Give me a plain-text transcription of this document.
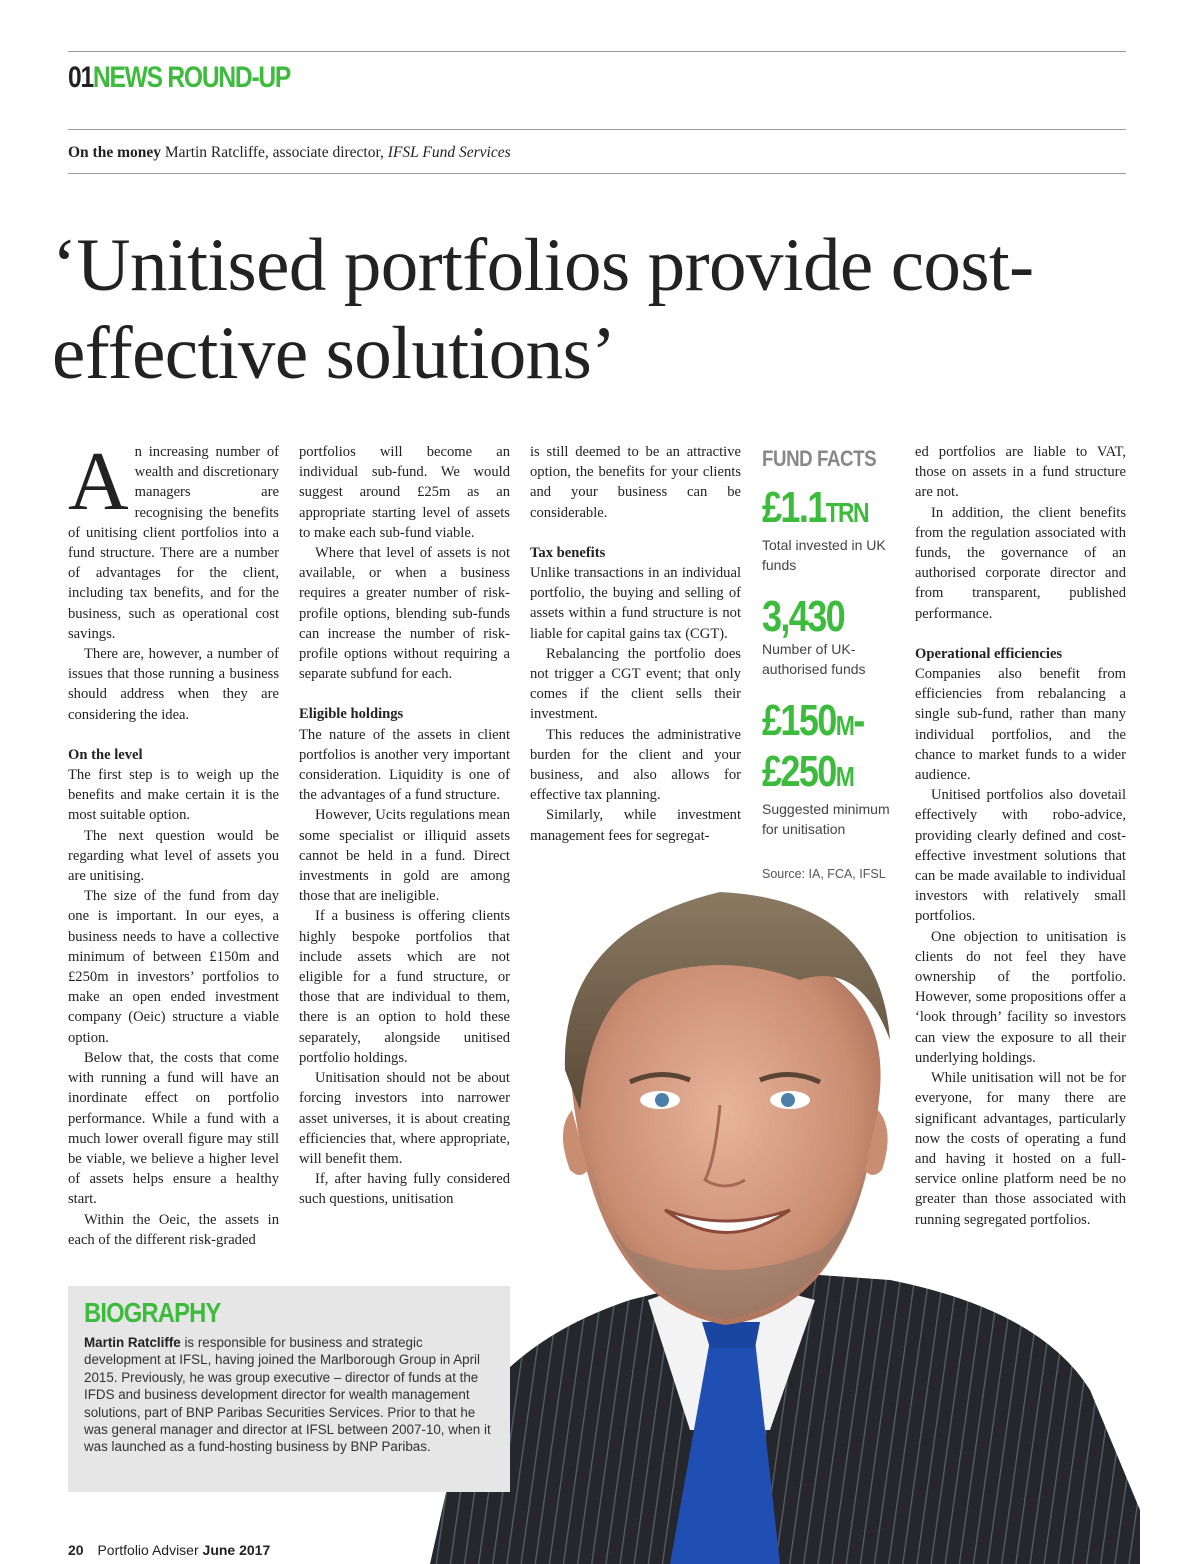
01NEWS ROUND-UP
On the money Martin Ratcliffe, associate director, IFSL Fund Services
‘Unitised portfolios provide cost-effective solutions’
A n increasing number of wealth and discretionary managers are recognising the benefits of unitising client portfolios into a fund structure. There are a number of advantages for the client, including tax benefits, and for the business, such as operational cost savings.

There are, however, a number of issues that those running a business should address when they are considering the idea.

On the level

The first step is to weigh up the benefits and make certain it is the most suitable option.

The next question would be regarding what level of assets you are unitising.

The size of the fund from day one is important. In our eyes, a business needs to have a collective minimum of between £150m and £250m in investors’ portfolios to make an open ended investment company (Oeic) structure a viable option.

Below that, the costs that come with running a fund will have an inordinate effect on portfolio performance. While a fund with a much lower overall figure may still be viable, we believe a higher level of assets helps ensure a healthy start.

Within the Oeic, the assets in each of the different risk-graded

portfolios will become an individual sub-fund. We would suggest around £25m as an appropriate starting level of assets to make each sub-fund viable.

Where that level of assets is not available, or when a business requires a greater number of risk-profile options, blending sub-funds can increase the number of risk-profile options without requiring a separate subfund for each.

Eligible holdings

The nature of the assets in client portfolios is another very important consideration. Liquidity is one of the advantages of a fund structure.

However, Ucits regulations mean some specialist or illiquid assets cannot be held in a fund. Direct investments in gold are among those that are ineligible.

If a business is offering clients highly bespoke portfolios that include assets which are not eligible for a fund structure, or those that are individual to them, there is an option to hold these separately, alongside unitised portfolio holdings.

Unitisation should not be about forcing investors into narrower asset universes, it is about creating efficiencies that, where appropriate, will benefit them.

If, after having fully considered such questions, unitisation

is still deemed to be an attractive option, the benefits for your clients and your business can be considerable.

Tax benefits

Unlike transactions in an individual portfolio, the buying and selling of assets within a fund structure is not liable for capital gains tax (CGT).

Rebalancing the portfolio does not trigger a CGT event; that only comes if the client sells their investment.

This reduces the administrative burden for the client and your business, and also allows for effective tax planning.

Similarly, while investment management fees for segregat-

FUND FACTS
£1.1TRN
Total invested in UK funds
3,430
Number of UK-authorised funds
£150M-
£250M
Suggested minimum for unitisation
Source: IA, FCA, IFSL

ed portfolios are liable to VAT, those on assets in a fund structure are not.

In addition, the client benefits from the regulation associated with funds, the governance of an authorised corporate director and from transparent, published performance.

Operational efficiencies

Companies also benefit from efficiencies from rebalancing a single sub-fund, rather than many individual portfolios, and the chance to market funds to a wider audience.

Unitised portfolios also dovetail effectively with robo-advice, providing clearly defined and cost-effective investment solutions that can be made available to individual investors with relatively small portfolios.

One objection to unitisation is clients do not feel they have ownership of the portfolio. However, some propositions offer a ‘look through’ facility so investors can view the exposure to all their underlying holdings.

While unitisation will not be for everyone, for many there are significant advantages, particularly now the costs of operating a fund and having it hosted on a full-service online platform need be no greater than those associated with running segregated portfolios.

BIOGRAPHY
Martin Ratcliffe is responsible for business and strategic development at IFSL, having joined the Marlborough Group in April 2015. Previously, he was group executive – director of funds at the IFDS and business development director for wealth management solutions, part of BNP Paribas Securities Services. Prior to that he was general manager and director at IFSL between 2007-10, when it was launched as a fund-hosting business by BNP Paribas.
20 Portfolio Adviser June 2017
